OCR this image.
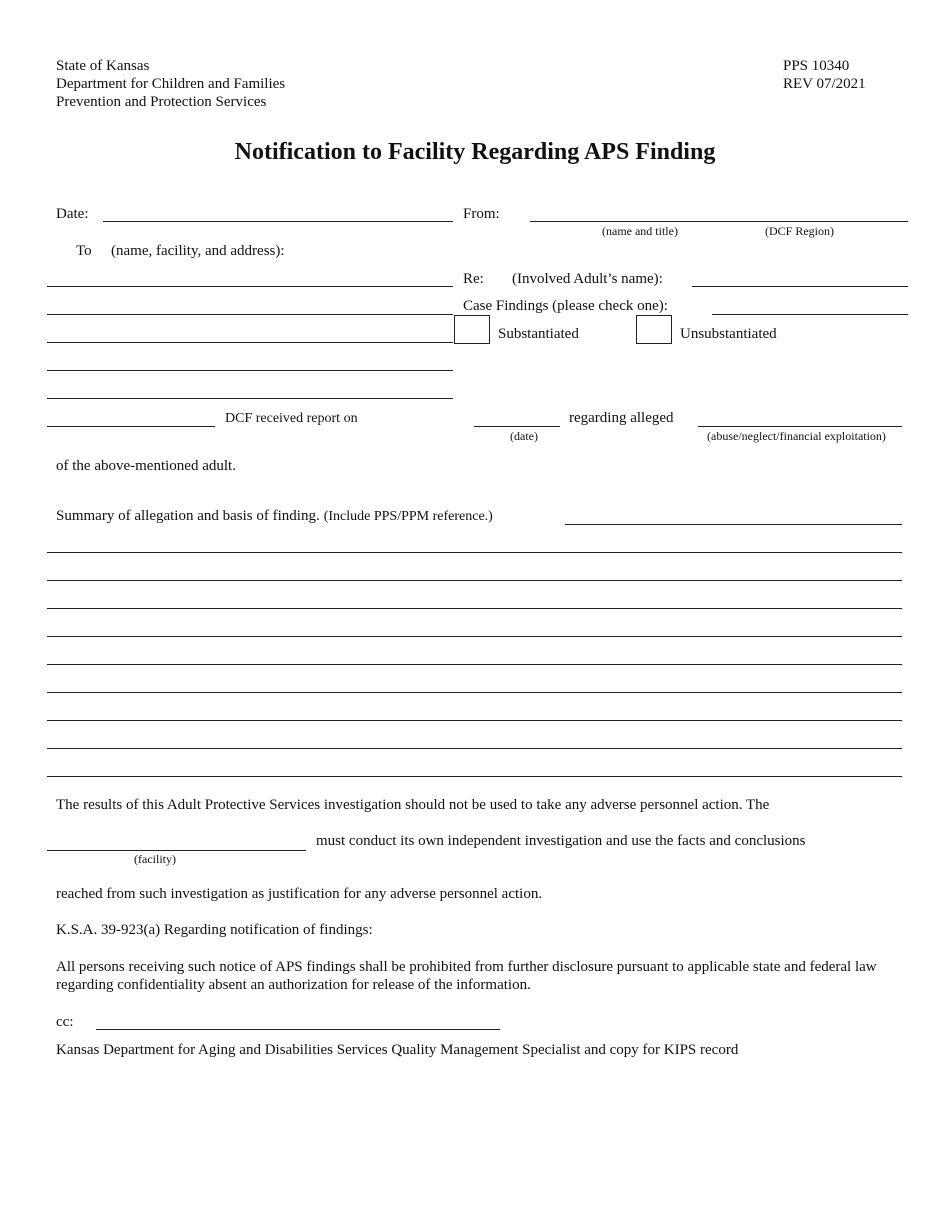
State of Kansas
Department for Children and Families
Prevention and Protection Services
PPS 10340
REV 07/2021
Notification to Facility Regarding APS Finding
Date:	From:
(name and title)	(DCF Region)
To (name, facility, and address):
Re: (Involved Adult’s name):
Case Findings (please check one):
Substantiated	Unsubstantiated
DCF received report on
(date)
regarding alleged
(abuse/neglect/financial exploitation)
of the above-mentioned adult.
Summary of allegation and basis of finding. (Include PPS/PPM reference.)
The results of this Adult Protective Services investigation should not be used to take any adverse personnel action. The
(facility)
must conduct its own independent investigation and use the facts and conclusions
reached from such investigation as justification for any adverse personnel action.
K.S.A. 39-923(a) Regarding notification of findings:
All persons receiving such notice of APS findings shall be prohibited from further disclosure pursuant to applicable state and federal law regarding confidentiality absent an authorization for release of the information.
cc:
Kansas Department for Aging and Disabilities Services Quality Management Specialist and copy for KIPS record
